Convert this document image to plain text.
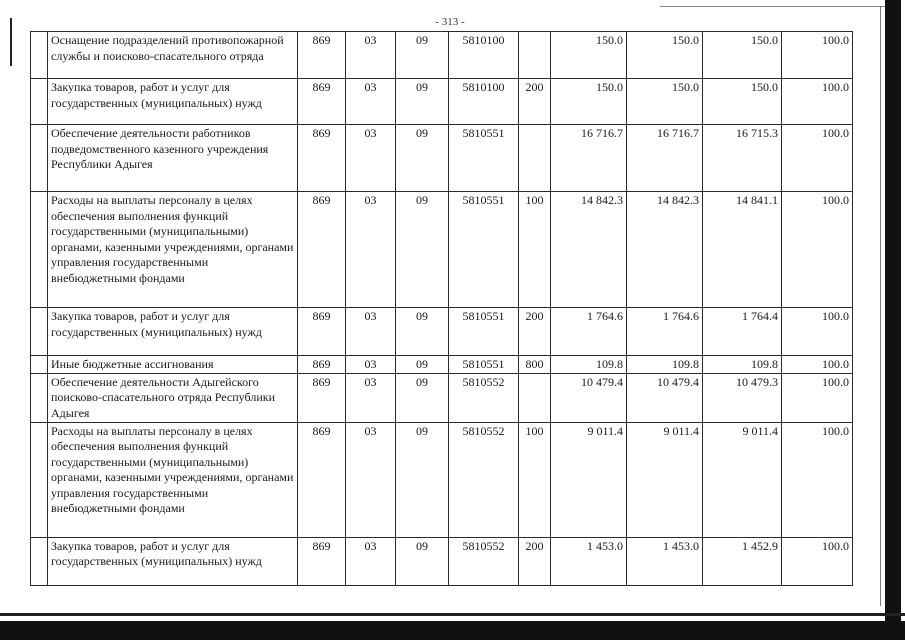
- 313 -
	Оснащение подразделений противопожарной службы и поисково-спасательного отряда	869	03	09	5810100		150.0	150.0	150.0	100.0
	Закупка товаров, работ и услуг для государственных (муниципальных) нужд	869	03	09	5810100	200	150.0	150.0	150.0	100.0
	Обеспечение деятельности работников подведомственного казенного учреждения Республики Адыгея	869	03	09	5810551		16 716.7	16 716.7	16 715.3	100.0
	Расходы на выплаты персоналу в целях обеспечения выполнения функций государственными (муниципальными) органами, казенными учреждениями, органами управления государственными внебюджетными фондами	869	03	09	5810551	100	14 842.3	14 842.3	14 841.1	100.0
	Закупка товаров, работ и услуг для государственных (муниципальных) нужд	869	03	09	5810551	200	1 764.6	1 764.6	1 764.4	100.0
	Иные бюджетные ассигнования	869	03	09	5810551	800	109.8	109.8	109.8	100.0
	Обеспечение деятельности Адыгейского поисково-спасательного отряда Республики Адыгея	869	03	09	5810552		10 479.4	10 479.4	10 479.3	100.0
	Расходы на выплаты персоналу в целях обеспечения выполнения функций государственными (муниципальными) органами, казенными учреждениями, органами управления государственными внебюджетными фондами	869	03	09	5810552	100	9 011.4	9 011.4	9 011.4	100.0
	Закупка товаров, работ и услуг для государственных (муниципальных) нужд	869	03	09	5810552	200	1 453.0	1 453.0	1 452.9	100.0
